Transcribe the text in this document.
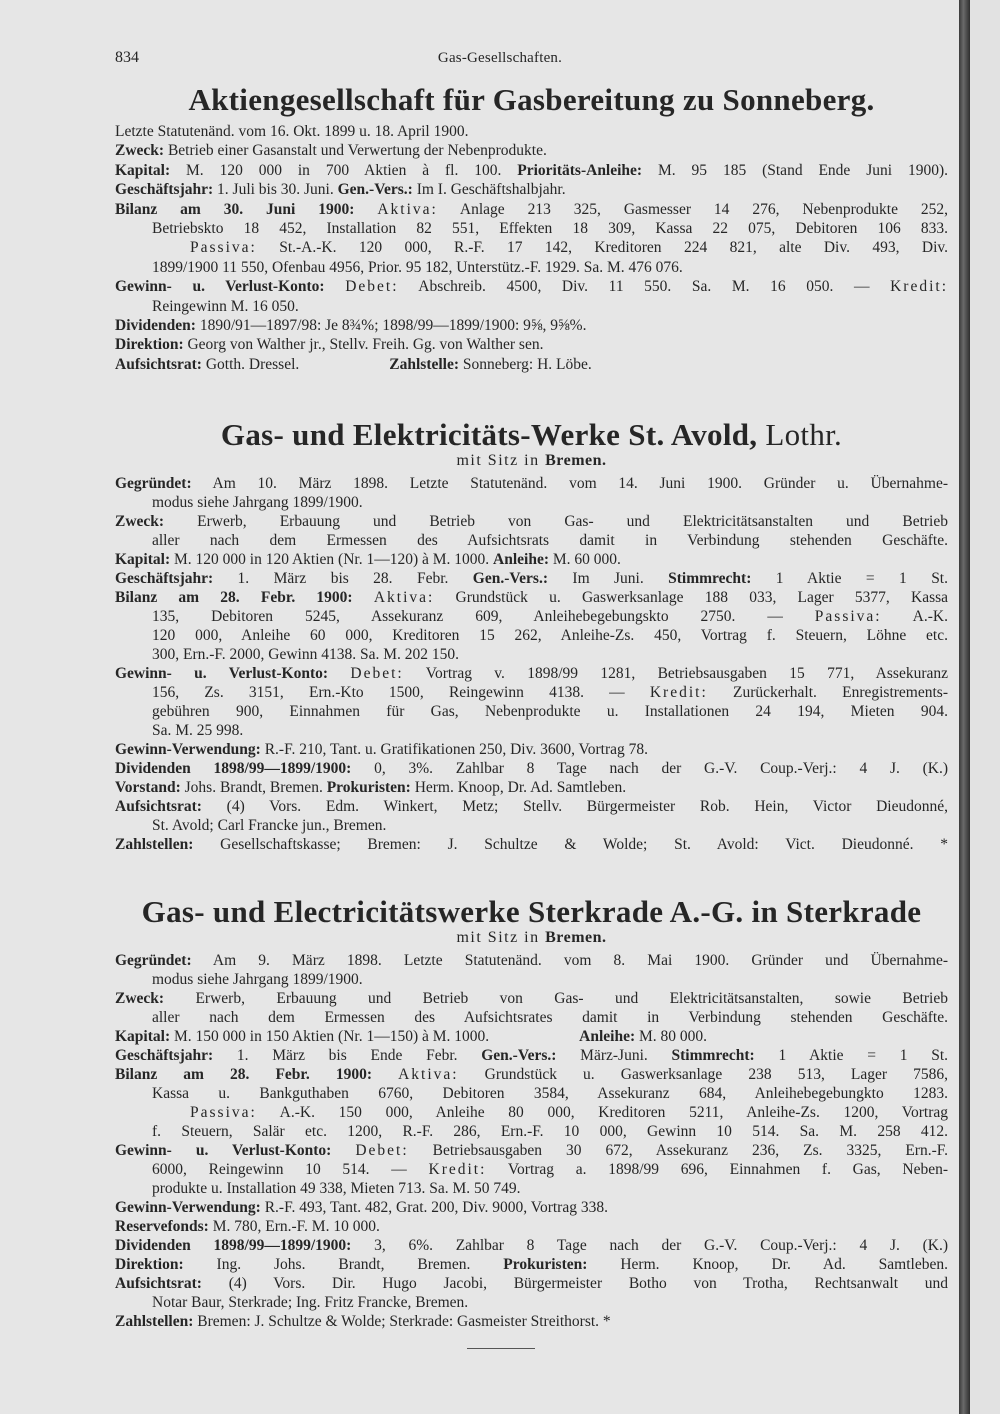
834	Gas-Gesellschaften.
Aktiengesellschaft für Gasbereitung zu Sonneberg.
Letzte Statutenänd. vom 16. Okt. 1899 u. 18. April 1900.
Zweck: Betrieb einer Gasanstalt und Verwertung der Nebenprodukte.
Kapital: M. 120 000 in 700 Aktien à fl. 100. Prioritäts-Anleihe: M. 95 185 (Stand Ende Juni 1900).
Geschäftsjahr: 1. Juli bis 30. Juni. Gen.-Vers.: Im I. Geschäftshalbjahr.
Bilanz am 30. Juni 1900: Aktiva: Anlage 213 325, Gasmesser 14 276, Nebenprodukte 252,
Betriebskto 18 452, Installation 82 551, Effekten 18 309, Kassa 22 075, Debitoren 106 833.
Passiva: St.-A.-K. 120 000, R.-F. 17 142, Kreditoren 224 821, alte Div. 493, Div.
1899/1900 11 550, Ofenbau 4956, Prior. 95 182, Unterstütz.-F. 1929. Sa. M. 476 076.
Gewinn- u. Verlust-Konto: Debet: Abschreib. 4500, Div. 11 550. Sa. M. 16 050. — Kredit:
Reingewinn M. 16 050.
Dividenden: 1890/91—1897/98: Je 8¾%; 1898/99—1899/1900: 9⅝, 9⅝%.
Direktion: Georg von Walther jr., Stellv. Freih. Gg. von Walther sen.
Aufsichtsrat: Gotth. Dressel.	Zahlstelle: Sonneberg: H. Löbe.
Gas- und Elektricitäts-Werke St. Avold, Lothr.
mit Sitz in Bremen.
Gegründet: Am 10. März 1898. Letzte Statutenänd. vom 14. Juni 1900. Gründer u. Übernahme-
modus siehe Jahrgang 1899/1900.
Zweck: Erwerb, Erbauung und Betrieb von Gas- und Elektricitätsanstalten und Betrieb
aller nach dem Ermessen des Aufsichtsrats damit in Verbindung stehenden Geschäfte.
Kapital: M. 120 000 in 120 Aktien (Nr. 1—120) à M. 1000. Anleihe: M. 60 000.
Geschäftsjahr: 1. März bis 28. Febr. Gen.-Vers.: Im Juni. Stimmrecht: 1 Aktie = 1 St.
Bilanz am 28. Febr. 1900: Aktiva: Grundstück u. Gaswerksanlage 188 033, Lager 5377, Kassa
135, Debitoren 5245, Assekuranz 609, Anleihebegebungskto 2750. — Passiva: A.-K.
120 000, Anleihe 60 000, Kreditoren 15 262, Anleihe-Zs. 450, Vortrag f. Steuern, Löhne etc.
300, Ern.-F. 2000, Gewinn 4138. Sa. M. 202 150.
Gewinn- u. Verlust-Konto: Debet: Vortrag v. 1898/99 1281, Betriebsausgaben 15 771, Assekuranz
156, Zs. 3151, Ern.-Kto 1500, Reingewinn 4138. — Kredit: Zurückerhalt. Enregistrements-
gebühren 900, Einnahmen für Gas, Nebenprodukte u. Installationen 24 194, Mieten 904.
Sa. M. 25 998.
Gewinn-Verwendung: R.-F. 210, Tant. u. Gratifikationen 250, Div. 3600, Vortrag 78.
Dividenden 1898/99—1899/1900: 0, 3%. Zahlbar 8 Tage nach der G.-V. Coup.-Verj.: 4 J. (K.)
Vorstand: Johs. Brandt, Bremen. Prokuristen: Herm. Knoop, Dr. Ad. Samtleben.
Aufsichtsrat: (4) Vors. Edm. Winkert, Metz; Stellv. Bürgermeister Rob. Hein, Victor Dieudonné,
St. Avold; Carl Francke jun., Bremen.
Zahlstellen: Gesellschaftskasse; Bremen: J. Schultze & Wolde; St. Avold: Vict. Dieudonné. *
Gas- und Electricitätswerke Sterkrade A.-G. in Sterkrade
mit Sitz in Bremen.
Gegründet: Am 9. März 1898. Letzte Statutenänd. vom 8. Mai 1900. Gründer und Übernahme-
modus siehe Jahrgang 1899/1900.
Zweck: Erwerb, Erbauung und Betrieb von Gas- und Elektricitätsanstalten, sowie Betrieb
aller nach dem Ermessen des Aufsichtsrates damit in Verbindung stehenden Geschäfte.
Kapital: M. 150 000 in 150 Aktien (Nr. 1—150) à M. 1000.	Anleihe: M. 80 000.
Geschäftsjahr: 1. März bis Ende Febr. Gen.-Vers.: März-Juni. Stimmrecht: 1 Aktie = 1 St.
Bilanz am 28. Febr. 1900: Aktiva: Grundstück u. Gaswerksanlage 238 513, Lager 7586,
Kassa u. Bankguthaben 6760, Debitoren 3584, Assekuranz 684, Anleihebegebungkto 1283.
Passiva: A.-K. 150 000, Anleihe 80 000, Kreditoren 5211, Anleihe-Zs. 1200, Vortrag
f. Steuern, Salär etc. 1200, R.-F. 286, Ern.-F. 10 000, Gewinn 10 514. Sa. M. 258 412.
Gewinn- u. Verlust-Konto: Debet: Betriebsausgaben 30 672, Assekuranz 236, Zs. 3325, Ern.-F.
6000, Reingewinn 10 514. — Kredit: Vortrag a. 1898/99 696, Einnahmen f. Gas, Neben-
produkte u. Installation 49 338, Mieten 713. Sa. M. 50 749.
Gewinn-Verwendung: R.-F. 493, Tant. 482, Grat. 200, Div. 9000, Vortrag 338.
Reservefonds: M. 780, Ern.-F. M. 10 000.
Dividenden 1898/99—1899/1900: 3, 6%. Zahlbar 8 Tage nach der G.-V. Coup.-Verj.: 4 J. (K.)
Direktion: Ing. Johs. Brandt, Bremen. Prokuristen: Herm. Knoop, Dr. Ad. Samtleben.
Aufsichtsrat: (4) Vors. Dir. Hugo Jacobi, Bürgermeister Botho von Trotha, Rechtsanwalt und
Notar Baur, Sterkrade; Ing. Fritz Francke, Bremen.
Zahlstellen: Bremen: J. Schultze & Wolde; Sterkrade: Gasmeister Streithorst. *
